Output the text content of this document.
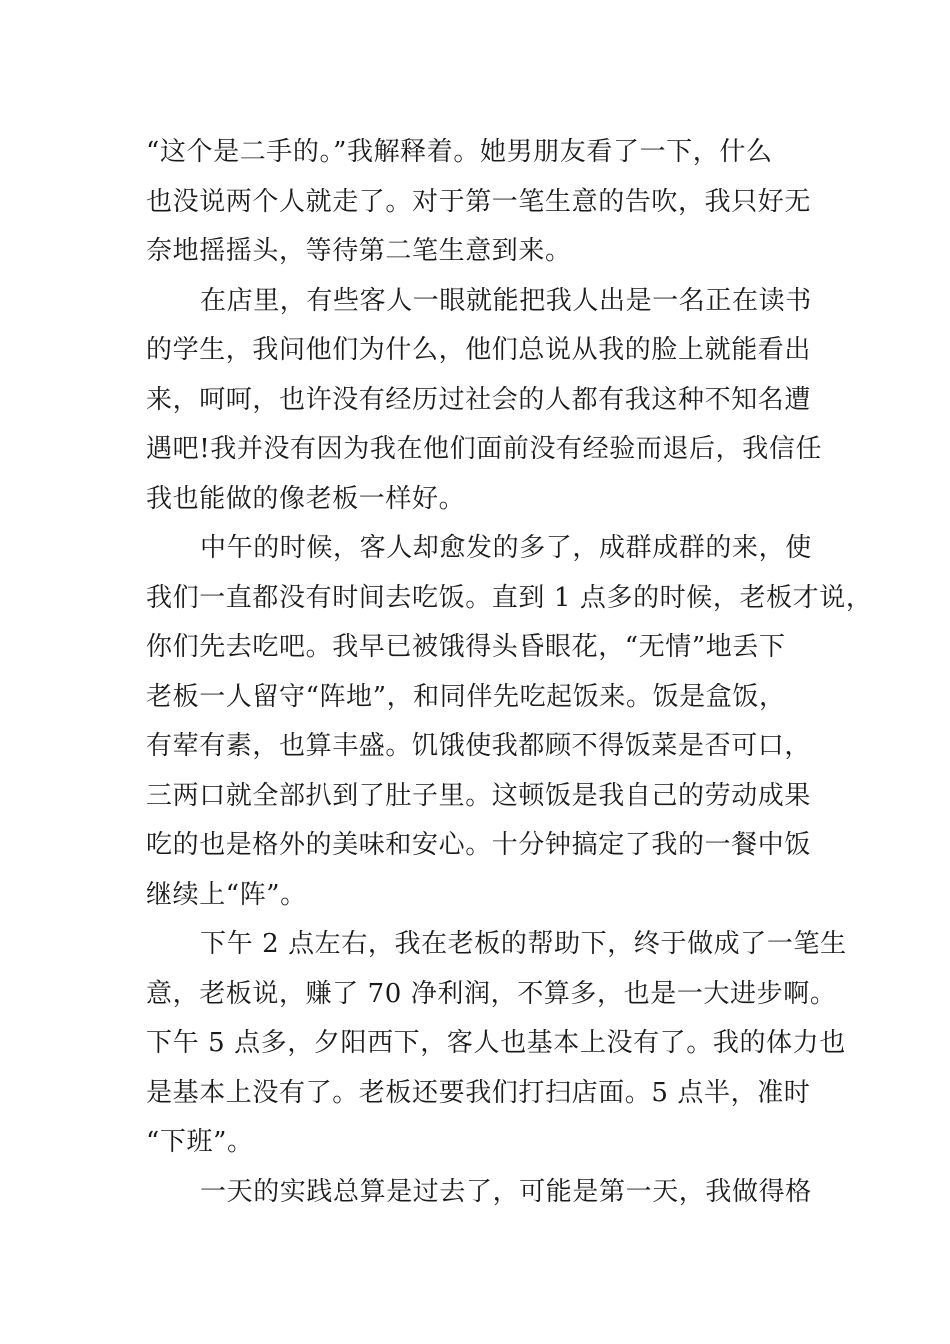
“这个是二手的。”我解释着。她男朋友看了一下，什么
也没说两个人就走了。对于第一笔生意的告吹，我只好无
奈地摇摇头，等待第二笔生意到来。
在店里，有些客人一眼就能把我人出是一名正在读书
的学生，我问他们为什么，他们总说从我的脸上就能看出
来，呵呵，也许没有经历过社会的人都有我这种不知名遭
遇吧!我并没有因为我在他们面前没有经验而退后，我信任
我也能做的像老板一样好。
中午的时候，客人却愈发的多了，成群成群的来，使
我们一直都没有时间去吃饭。直到 1 点多的时候，老板才说，
你们先去吃吧。我早已被饿得头昏眼花，“无情”地丢下
老板一人留守“阵地”，和同伴先吃起饭来。饭是盒饭，
有荤有素，也算丰盛。饥饿使我都顾不得饭菜是否可口，
三两口就全部扒到了肚子里。这顿饭是我自己的劳动成果
吃的也是格外的美味和安心。十分钟搞定了我的一餐中饭
继续上“阵”。
下午 2 点左右，我在老板的帮助下，终于做成了一笔生
意，老板说，赚了 70 净利润，不算多，也是一大进步啊。
下午 5 点多，夕阳西下，客人也基本上没有了。我的体力也
是基本上没有了。老板还要我们打扫店面。5 点半，准时
“下班”。
一天的实践总算是过去了，可能是第一天，我做得格
